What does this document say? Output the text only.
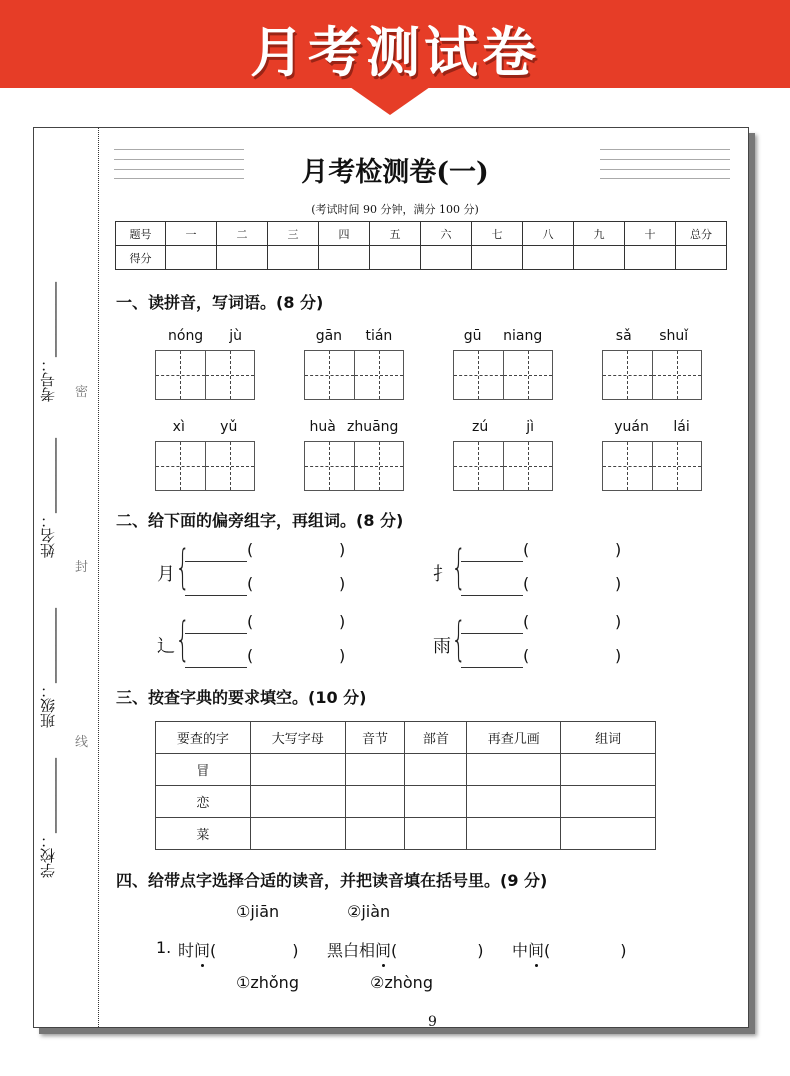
月考测试卷
考号：__________
姓名：__________
班级：__________
学校：__________
密
封
线
月考检测卷(一)
(考试时间 90 分钟，满分 100 分)
题号	一	二	三	四	五	六	七	八	九	十	总分
得分											
一、读拼音，写词语。(8 分)
nóng jù	gān tián	gū niang	sǎ shuǐ
xì	yǔ	huà zhuāng	zú	jì	yuán lái
二、给下面的偏旁组字，再组词。(8 分)
月 {	(	)
(	)	扌 {	(	)
(	)
辶 {	(	)
(	)	雨 {	(	)
(	)
三、按查字典的要求填空。(10 分)
要查的字	大写字母	音节	部首	再查几画	组词
冒					
恋					
菜					
四、给带点字选择合适的读音，并把读音填在括号里。(9 分)
①jiān	②jiàn
1. 时间(	) 黑白相间(	) 中间(	)
①zhǒng	②zhòng
9
